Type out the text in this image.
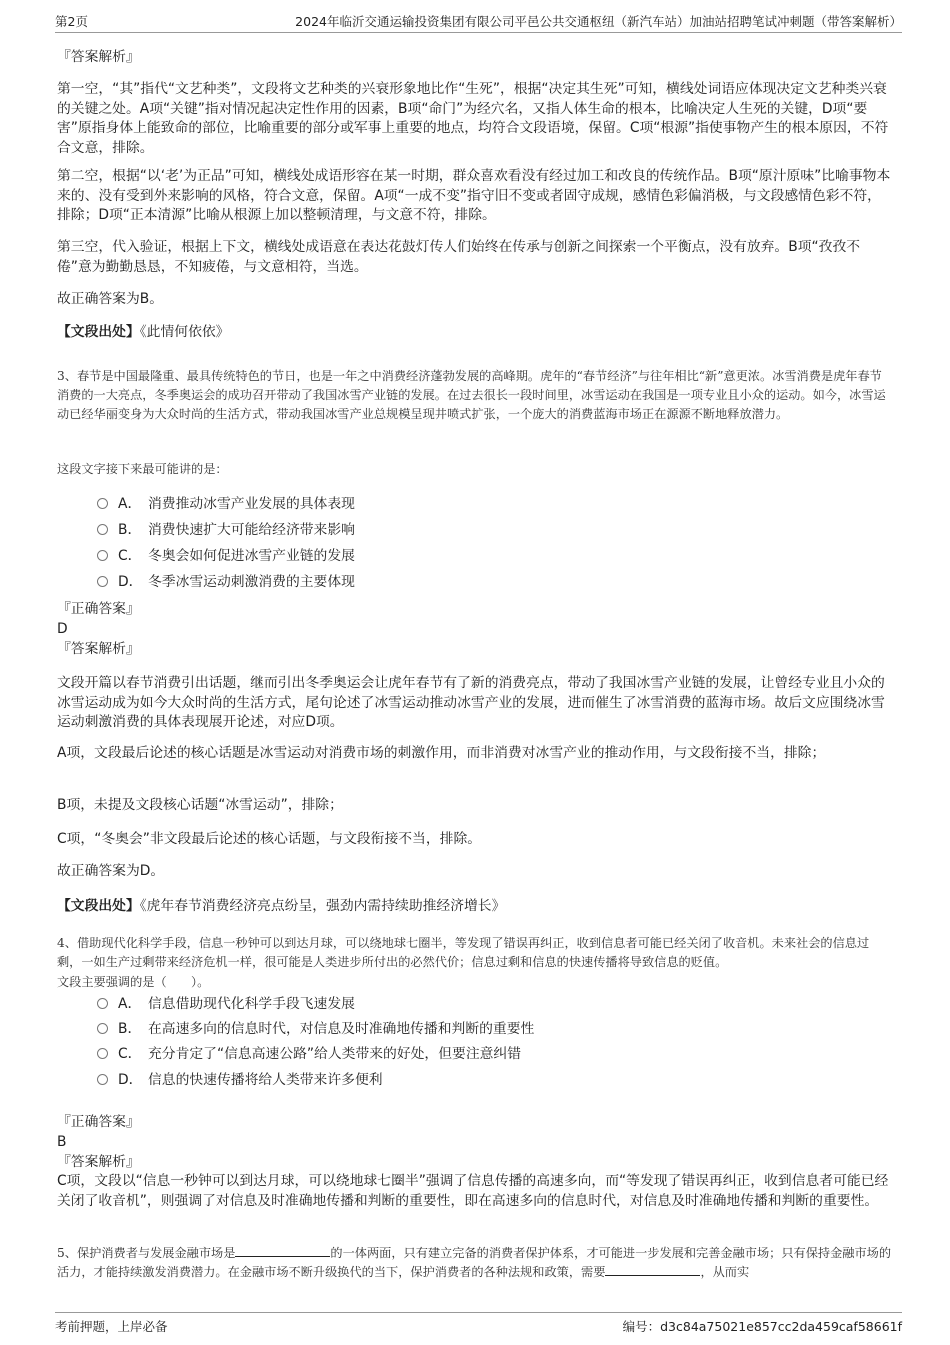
第2页	2024年临沂交通运输投资集团有限公司平邑公共交通枢纽（新汽车站）加油站招聘笔试冲刺题（带答案解析）

『答案解析』

第一空，“其”指代“文艺种类”，文段将文艺种类的兴衰形象地比作“生死”，根据“决定其生死”可知，横线处词语应体现决定文艺种类兴衰的关键之处。A项“关键”指对情况起决定性作用的因素，B项“命门”为经穴名，又指人体生命的根本，比喻决定人生死的关键，D项“要害”原指身体上能致命的部位，比喻重要的部分或军事上重要的地点，均符合文段语境，保留。C项“根源”指使事物产生的根本原因，不符合文意，排除。

第二空，根据“以‘老’为正品”可知，横线处成语形容在某一时期，群众喜欢看没有经过加工和改良的传统作品。B项“原汁原味”比喻事物本来的、没有受到外来影响的风格，符合文意，保留。A项“一成不变”指守旧不变或者固守成规，感情色彩偏消极，与文段感情色彩不符，排除；D项“正本清源”比喻从根源上加以整顿清理，与文意不符，排除。

第三空，代入验证，根据上下文，横线处成语意在表达花鼓灯传人们始终在传承与创新之间探索一个平衡点，没有放弃。B项“孜孜不倦”意为勤勤恳恳，不知疲倦，与文意相符，当选。

故正确答案为B。

【文段出处】《此情何依依》

3、春节是中国最隆重、最具传统特色的节日，也是一年之中消费经济蓬勃发展的高峰期。虎年的“春节经济”与往年相比“新”意更浓。冰雪消费是虎年春节消费的一大亮点，冬季奥运会的成功召开带动了我国冰雪产业链的发展。在过去很长一段时间里，冰雪运动在我国是一项专业且小众的运动。如今，冰雪运动已经华丽变身为大众时尚的生活方式，带动我国冰雪产业总规模呈现井喷式扩张，一个庞大的消费蓝海市场正在源源不断地释放潜力。

这段文字接下来最可能讲的是：

A． 消费推动冰雪产业发展的具体表现
B． 消费快速扩大可能给经济带来影响
C． 冬奥会如何促进冰雪产业链的发展
D． 冬季冰雪运动刺激消费的主要体现

『正确答案』

D

『答案解析』

文段开篇以春节消费引出话题，继而引出冬季奥运会让虎年春节有了新的消费亮点，带动了我国冰雪产业链的发展，让曾经专业且小众的冰雪运动成为如今大众时尚的生活方式，尾句论述了冰雪运动推动冰雪产业的发展，进而催生了冰雪消费的蓝海市场。故后文应围绕冰雪运动刺激消费的具体表现展开论述，对应D项。

A项，文段最后论述的核心话题是冰雪运动对消费市场的刺激作用，而非消费对冰雪产业的推动作用，与文段衔接不当，排除；

B项，未提及文段核心话题“冰雪运动”，排除；

C项，“冬奥会”非文段最后论述的核心话题，与文段衔接不当，排除。

故正确答案为D。

【文段出处】《虎年春节消费经济亮点纷呈，强劲内需持续助推经济增长》

4、借助现代化科学手段，信息一秒钟可以到达月球，可以绕地球七圈半，等发现了错误再纠正，收到信息者可能已经关闭了收音机。未来社会的信息过剩，一如生产过剩带来经济危机一样，很可能是人类进步所付出的必然代价；信息过剩和信息的快速传播将导致信息的贬值。

文段主要强调的是（　　）。

A． 信息借助现代化科学手段飞速发展
B． 在高速多向的信息时代，对信息及时准确地传播和判断的重要性
C． 充分肯定了“信息高速公路”给人类带来的好处，但要注意纠错
D． 信息的快速传播将给人类带来许多便利

『正确答案』

B

『答案解析』

C项，文段以“信息一秒钟可以到达月球，可以绕地球七圈半”强调了信息传播的高速多向，而“等发现了错误再纠正，收到信息者可能已经关闭了收音机”，则强调了对信息及时准确地传播和判断的重要性，即在高速多向的信息时代，对信息及时准确地传播和判断的重要性。

5、保护消费者与发展金融市场是	的一体两面，只有建立完备的消费者保护体系，才可能进一步发展和完善金融市场；只有保持金融市场的活力，才能持续激发消费潜力。在金融市场不断升级换代的当下，保护消费者的各种法规和政策，需要	，从而实

考前押题，上岸必备	编号：d3c84a75021e857cc2da459caf58661f
